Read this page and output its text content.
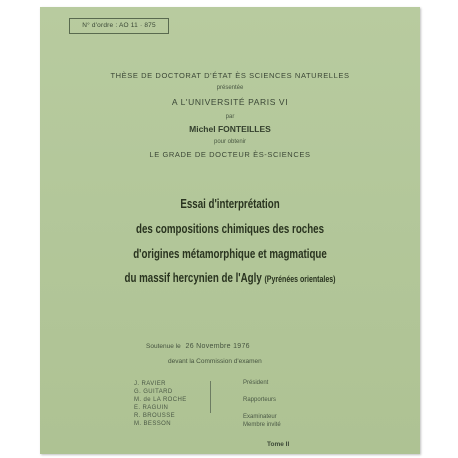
N° d'ordre : AO 11 · 875
THÈSE DE DOCTORAT D'ÉTAT ÈS SCIENCES NATURELLES
présentée
A L'UNIVERSITÉ PARIS VI
par
Michel FONTEILLES
pour obtenir
LE GRADE DE DOCTEUR ÈS-SCIENCES
Essai d'interprétation
des compositions chimiques des roches
d'origines métamorphique et magmatique
du massif hercynien de l'Agly (Pyrénées orientales)
Soutenue le 26 Novembre 1976
devant la Commission d'examen
J. RAVIER
G. GUITARD
M. de LA ROCHE
E. RAGUIN
R. BROUSSE
M. BESSON
Président
Rapporteurs
Examinateur
Membre invité
Tome II
